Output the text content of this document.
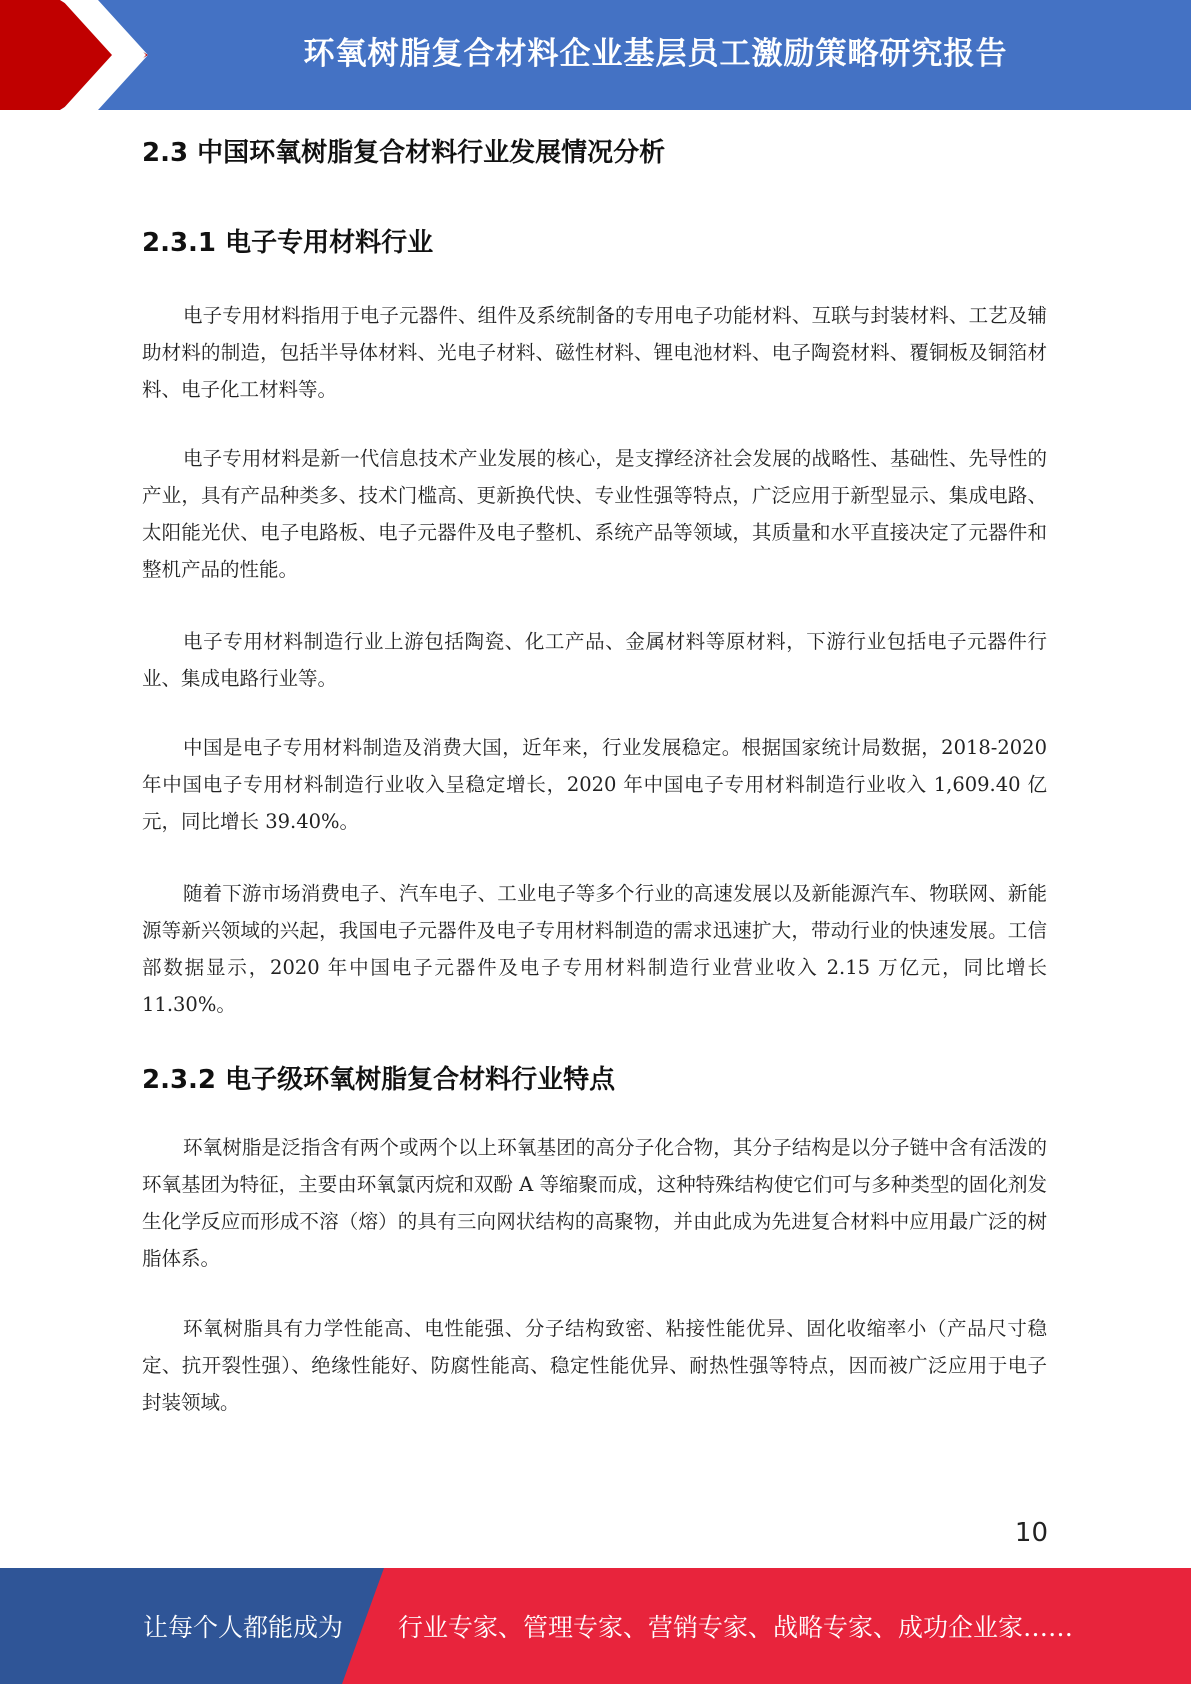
环氧树脂复合材料企业基层员工激励策略研究报告
2.3 中国环氧树脂复合材料行业发展情况分析
2.3.1 电子专用材料行业

电子专用材料指用于电子元器件、组件及系统制备的专用电子功能材料、互联与封装材料、工艺及辅助材料的制造，包括半导体材料、光电子材料、磁性材料、锂电池材料、电子陶瓷材料、覆铜板及铜箔材料、电子化工材料等。

电子专用材料是新一代信息技术产业发展的核心，是支撑经济社会发展的战略性、基础性、先导性的产业，具有产品种类多、技术门槛高、更新换代快、专业性强等特点，广泛应用于新型显示、集成电路、太阳能光伏、电子电路板、电子元器件及电子整机、系统产品等领域，其质量和水平直接决定了元器件和整机产品的性能。

电子专用材料制造行业上游包括陶瓷、化工产品、金属材料等原材料，下游行业包括电子元器件行业、集成电路行业等。

中国是电子专用材料制造及消费大国，近年来，行业发展稳定。根据国家统计局数据，2018-2020 年中国电子专用材料制造行业收入呈稳定增长，2020 年中国电子专用材料制造行业收入 1,609.40 亿元，同比增长 39.40%。

随着下游市场消费电子、汽车电子、工业电子等多个行业的高速发展以及新能源汽车、物联网、新能源等新兴领域的兴起，我国电子元器件及电子专用材料制造的需求迅速扩大，带动行业的快速发展。工信部数据显示，2020 年中国电子元器件及电子专用材料制造行业营业收入 2.15 万亿元，同比增长 11.30%。

2.3.2 电子级环氧树脂复合材料行业特点

环氧树脂是泛指含有两个或两个以上环氧基团的高分子化合物，其分子结构是以分子链中含有活泼的环氧基团为特征，主要由环氧氯丙烷和双酚 A 等缩聚而成，这种特殊结构使它们可与多种类型的固化剂发生化学反应而形成不溶（熔）的具有三向网状结构的高聚物，并由此成为先进复合材料中应用最广泛的树脂体系。

环氧树脂具有力学性能高、电性能强、分子结构致密、粘接性能优异、固化收缩率小（产品尺寸稳定、抗开裂性强）、绝缘性能好、防腐性能高、稳定性能优异、耐热性强等特点，因而被广泛应用于电子封装领域。

10
让每个人都能成为 行业专家、管理专家、营销专家、战略专家、成功企业家……
